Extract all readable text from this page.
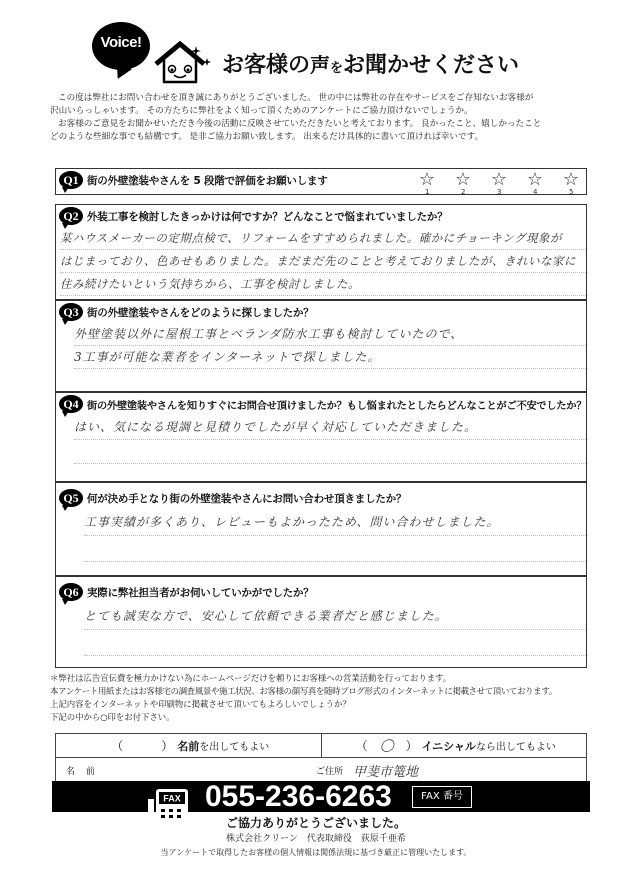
Voice!
お客様の声をお聞かせください

この度は弊社にお問い合わせを頂き誠にありがとうございました。 世の中には弊社の存在やサービスをご存知ないお客様が

沢山いらっしゃいます。 その方たちに弊社をよく知って頂くためのアンケートにご協力頂けないでしょうか。

お客様のご意見をお聞かせいただき今後の活動に反映させていただきたいと考えております。 良かったこと、嬉しかったこと

どのような些細な事でも結構です。 是非ご協力お願い致します。 出来るだけ具体的に書いて頂ければ幸いです。

Q1 街の外壁塗装やさんを 5 段階で評価をお願いします	☆
1
☆
2
☆
3
☆
4
☆
5
Q2 外装工事を検討したきっかけは何ですか？どんなことで悩まれていましたか？

某ハウスメーカーの定期点検で、リフォームをすすめられました。確かにチョーキング現象が

はじまっており、色あせもありました。まだまだ先のことと考えておりましたが、きれいな家に

住み続けたいという気持ちから、工事を検討しました。

Q3 街の外壁塗装やさんをどのように探しましたか？

外壁塗装以外に屋根工事とベランダ防水工事も検討していたので、

3工事が可能な業者をインターネットで探しました。

Q4 街の外壁塗装やさんを知りすぐにお問合せ頂けましたか？もし悩まれたとしたらどんなことがご不安でしたか？

はい、気になる現調と見積りでしたが早く対応していただきました。

Q5 何が決め手となり街の外壁塗装やさんにお問い合わせ頂きましたか？

工事実績が多くあり、レビューもよかったため、問い合わせしました。

Q6 実際に弊社担当者がお伺いしていかがでしたか？

とても誠実な方で、安心して依頼できる業者だと感じました。

＊弊社は広告宣伝費を極力かけない為にホームページだけを頼りにお客様への営業活動を行っております。

本アンケート用紙またはお客様宅の調査風景や施工状況、お客様の顔写真を随時ブログ形式のインターネットに掲載させて頂いております。

上記内容をインターネットや印刷物に掲載させて頂いてもよろしいでしょうか？

下記の中から○印をお付下さい。

（	） 名前 を出してもよい	（ 〇	） イニシャル なら出してもよい
名 前	ご住所 甲斐市篭地
FAX 055-236-6263	FAX 番号
ご協力ありがとうございました。
株式会社クリーン　代表取締役　荻原千亜希
当アンケートで取得したお客様の個人情報は関係法規に基づき厳正に管理いたします。
